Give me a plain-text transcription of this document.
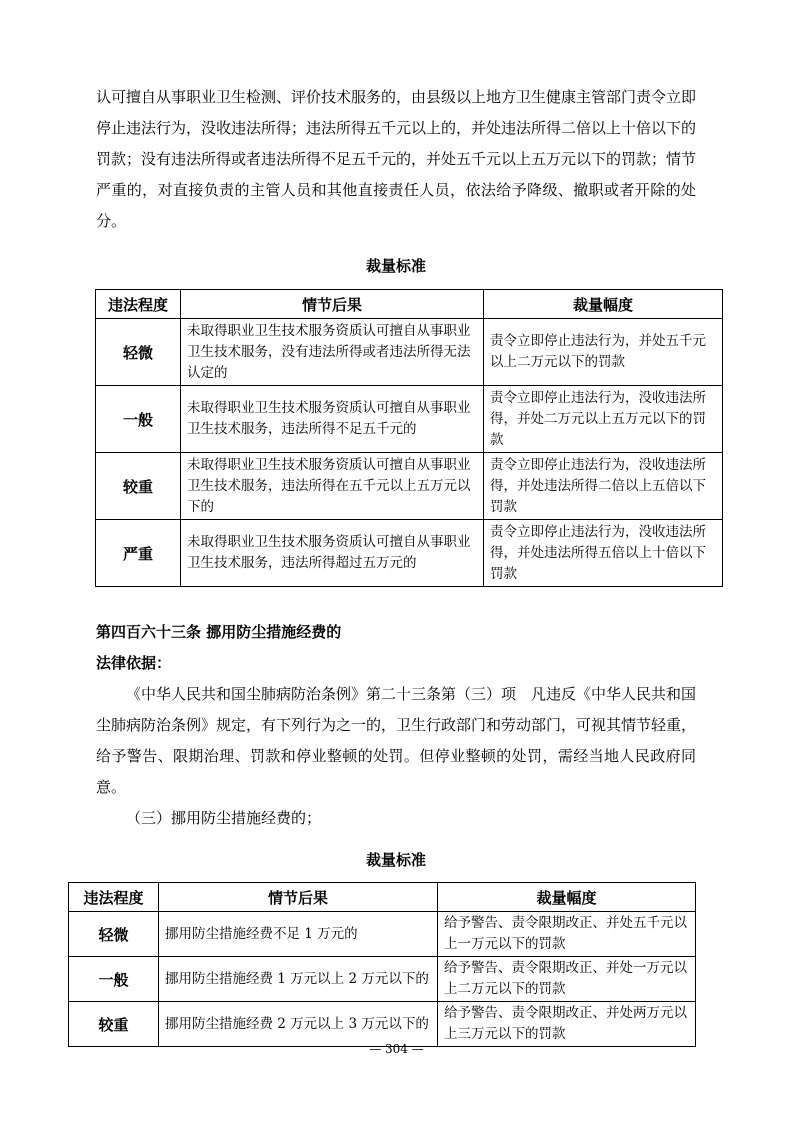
认可擅自从事职业卫生检测、评价技术服务的，由县级以上地方卫生健康主管部门责令立即停止违法行为，没收违法所得；违法所得五千元以上的，并处违法所得二倍以上十倍以下的罚款；没有违法所得或者违法所得不足五千元的，并处五千元以上五万元以下的罚款；情节严重的，对直接负责的主管人员和其他直接责任人员，依法给予降级、撤职或者开除的处分。

裁量标准

违法程度	情节后果	裁量幅度
轻微	未取得职业卫生技术服务资质认可擅自从事职业卫生技术服务，没有违法所得或者违法所得无法认定的	责令立即停止违法行为，并处五千元以上二万元以下的罚款
一般	未取得职业卫生技术服务资质认可擅自从事职业卫生技术服务，违法所得不足五千元的	责令立即停止违法行为，没收违法所得，并处二万元以上五万元以下的罚款
较重	未取得职业卫生技术服务资质认可擅自从事职业卫生技术服务，违法所得在五千元以上五万元以下的	责令立即停止违法行为，没收违法所得，并处违法所得二倍以上五倍以下罚款
严重	未取得职业卫生技术服务资质认可擅自从事职业卫生技术服务，违法所得超过五万元的	责令立即停止违法行为，没收违法所得，并处违法所得五倍以上十倍以下罚款

第四百六十三条 挪用防尘措施经费的

法律依据：

《中华人民共和国尘肺病防治条例》第二十三条第（三）项　凡违反《中华人民共和国尘肺病防治条例》规定，有下列行为之一的，卫生行政部门和劳动部门，可视其情节轻重，给予警告、限期治理、罚款和停业整顿的处罚。但停业整顿的处罚，需经当地人民政府同意。

（三）挪用防尘措施经费的；

裁量标准

违法程度	情节后果	裁量幅度
轻微	挪用防尘措施经费不足 1 万元的	给予警告、责令限期改正、并处五千元以上一万元以下的罚款
一般	挪用防尘措施经费 1 万元以上 2 万元以下的	给予警告、责令限期改正、并处一万元以上二万元以下的罚款
较重	挪用防尘措施经费 2 万元以上 3 万元以下的	给予警告、责令限期改正、并处两万元以上三万元以下的罚款
— 304 —
